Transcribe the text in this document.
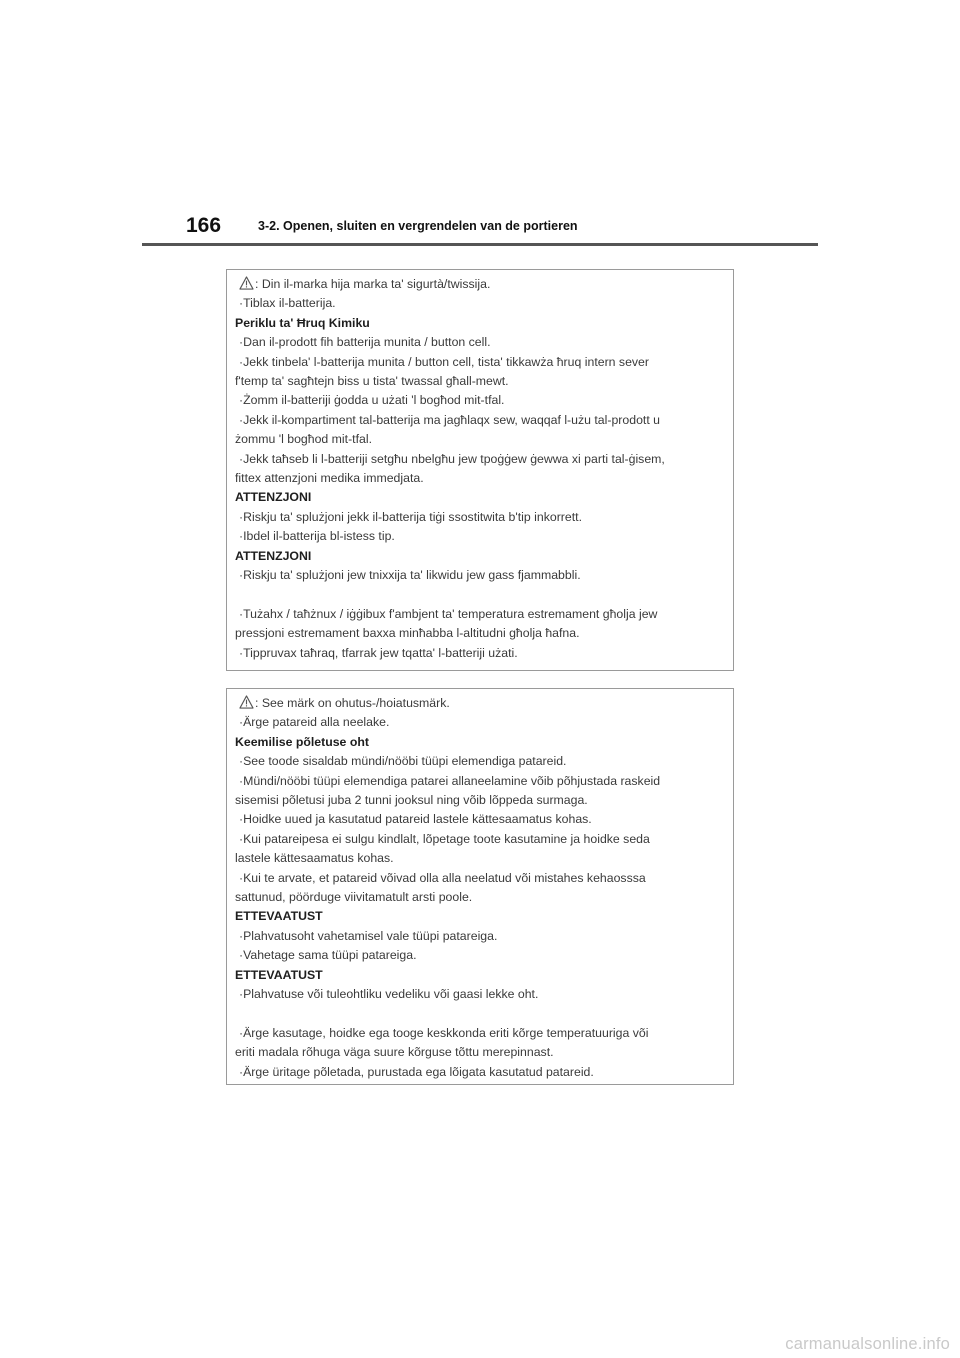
166	3-2. Openen, sluiten en vergrendelen van de portieren
: Din il-marka hija marka ta' sigurtà/twissija.
·Tiblax il-batterija.
Periklu ta' Ħruq Kimiku
·Dan il-prodott fih batterija munita / button cell.
·Jekk tinbela' l-batterija munita / button cell, tista' tikkawża ħruq intern sever
f'temp ta' sagħtejn biss u tista' twassal għall-mewt.
·Żomm il-batteriji ġodda u użati 'l bogħod mit-tfal.
·Jekk il-kompartiment tal-batterija ma jagħlaqx sew, waqqaf l-użu tal-prodott u
żommu 'l bogħod mit-tfal.
·Jekk taħseb li l-batteriji setgħu nbelgħu jew tpoġġew ġewwa xi parti tal-ġisem,
fittex attenzjoni medika immedjata.
ATTENZJONI
·Riskju ta' splużjoni jekk il-batterija tiġi ssostitwita b'tip inkorrett.
·Ibdel il-batterija bl-istess tip.
ATTENZJONI
·Riskju ta' splużjoni jew tnixxija ta' likwidu jew gass fjammabbli.
·Tużahx / taħżnux / iġġibux f'ambjent ta' temperatura estremament għolja jew
pressjoni estremament baxxa minħabba l-altitudni għolja ħafna.
·Tippruvax taħraq, tfarrak jew tqatta' l-batteriji użati.
: See märk on ohutus-/hoiatusmärk.
·Ärge patareid alla neelake.
Keemilise põletuse oht
·See toode sisaldab mündi/nööbi tüüpi elemendiga patareid.
·Mündi/nööbi tüüpi elemendiga patarei allaneelamine võib põhjustada raskeid
sisemisi põletusi juba 2 tunni jooksul ning võib lõppeda surmaga.
·Hoidke uued ja kasutatud patareid lastele kättesaamatus kohas.
·Kui patareipesa ei sulgu kindlalt, lõpetage toote kasutamine ja hoidke seda
lastele kättesaamatus kohas.
·Kui te arvate, et patareid võivad olla alla neelatud või mistahes kehaosssa
sattunud, pöörduge viivitamatult arsti poole.
ETTEVAATUST
·Plahvatusoht vahetamisel vale tüüpi patareiga.
·Vahetage sama tüüpi patareiga.
ETTEVAATUST
·Plahvatuse või tuleohtliku vedeliku või gaasi lekke oht.
·Ärge kasutage, hoidke ega tooge keskkonda eriti kõrge temperatuuriga või
eriti madala rõhuga väga suure kõrguse tõttu merepinnast.
·Ärge üritage põletada, purustada ega lõigata kasutatud patareid.
carmanualsonline.info
